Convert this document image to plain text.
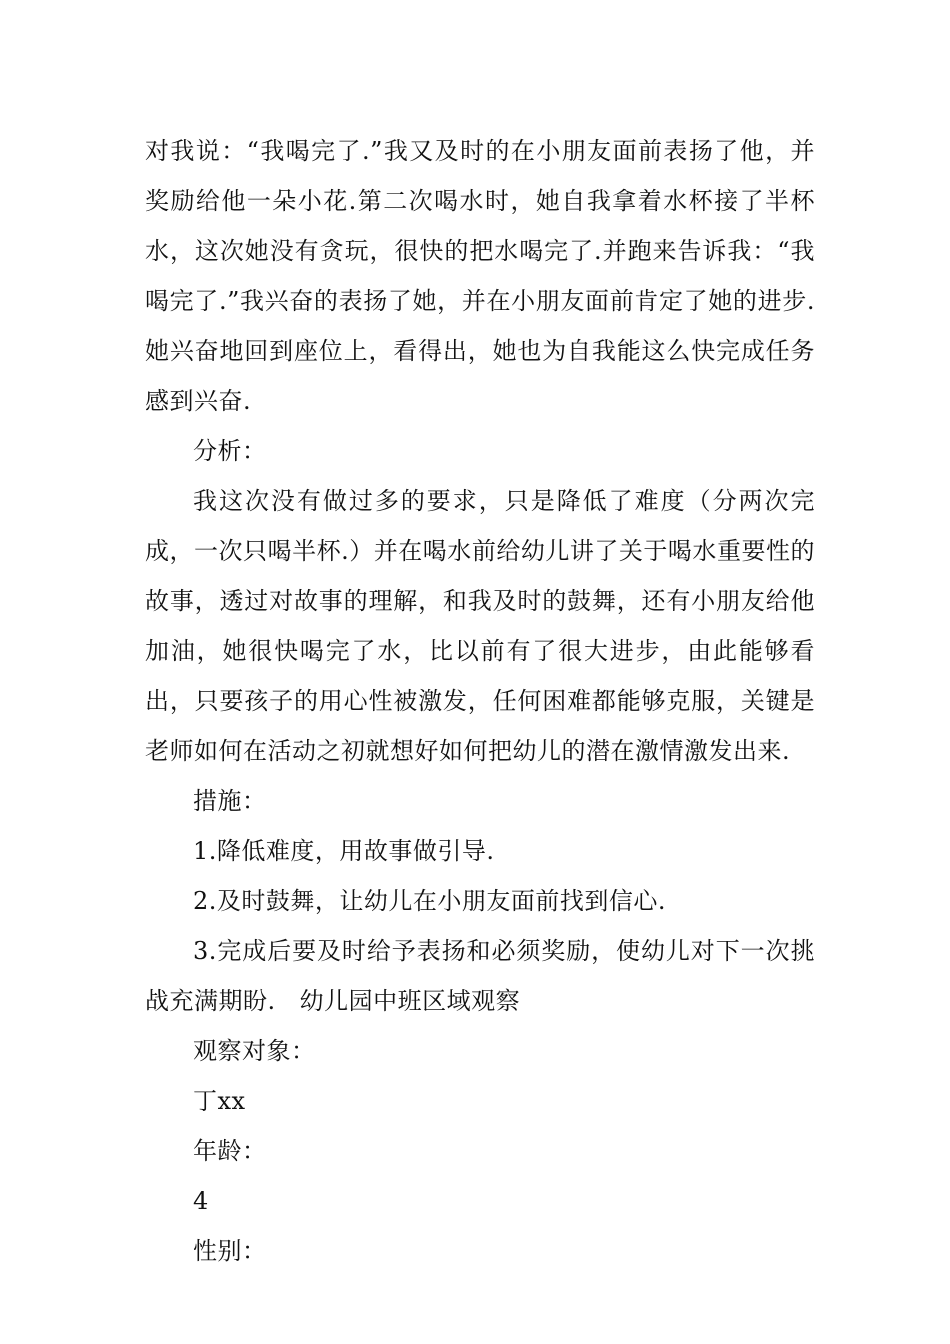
对我说：“我喝完了.”我又及时的在小朋友面前表扬了他，并奖励给他一朵小花.第二次喝水时，她自我拿着水杯接了半杯水，这次她没有贪玩，很快的把水喝完了.并跑来告诉我：“我喝完了.”我兴奋的表扬了她，并在小朋友面前肯定了她的进步.她兴奋地回到座位上，看得出，她也为自我能这么快完成任务感到兴奋.

分析：

我这次没有做过多的要求，只是降低了难度（分两次完成，一次只喝半杯.）并在喝水前给幼儿讲了关于喝水重要性的故事，透过对故事的理解，和我及时的鼓舞，还有小朋友给他加油，她很快喝完了水，比以前有了很大进步，由此能够看出，只要孩子的用心性被激发，任何困难都能够克服，关键是老师如何在活动之初就想好如何把幼儿的潜在激情激发出来.

措施：

1.降低难度，用故事做引导.

2.及时鼓舞，让幼儿在小朋友面前找到信心.

3.完成后要及时给予表扬和必须奖励，使幼儿对下一次挑战充满期盼. 幼儿园中班区域观察

观察对象：

丁xx

年龄：

4

性别：
